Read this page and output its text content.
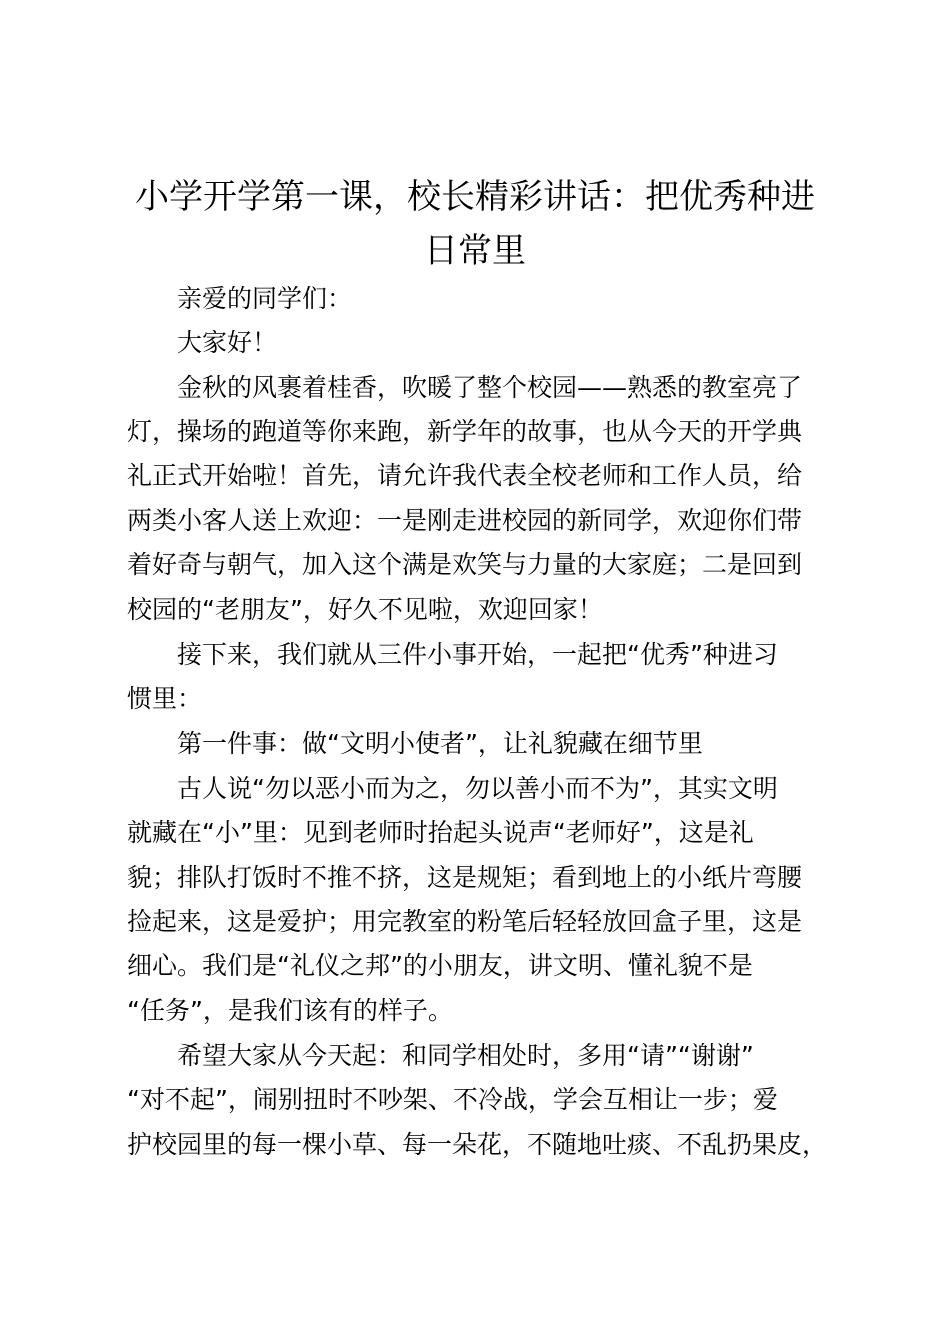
小学开学第一课，校长精彩讲话：把优秀种进
日常里

亲爱的同学们：

大家好！

金秋的风裹着桂香，吹暖了整个校园——熟悉的教室亮了

灯，操场的跑道等你来跑，新学年的故事，也从今天的开学典

礼正式开始啦！首先，请允许我代表全校老师和工作人员，给

两类小客人送上欢迎：一是刚走进校园的新同学，欢迎你们带

着好奇与朝气，加入这个满是欢笑与力量的大家庭；二是回到

校园的“老朋友”，好久不见啦，欢迎回家！

接下来，我们就从三件小事开始，一起把“优秀”种进习

惯里：

第一件事：做“文明小使者”，让礼貌藏在细节里

古人说“勿以恶小而为之，勿以善小而不为”，其实文明

就藏在“小”里：见到老师时抬起头说声“老师好”，这是礼

貌；排队打饭时不推不挤，这是规矩；看到地上的小纸片弯腰

捡起来，这是爱护；用完教室的粉笔后轻轻放回盒子里，这是

细心。我们是“礼仪之邦”的小朋友，讲文明、懂礼貌不是

“任务”，是我们该有的样子。

希望大家从今天起：和同学相处时，多用“请”“谢谢”

“对不起”，闹别扭时不吵架、不冷战，学会互相让一步；爱

护校园里的每一棵小草、每一朵花，不随地吐痰、不乱扔果皮，
